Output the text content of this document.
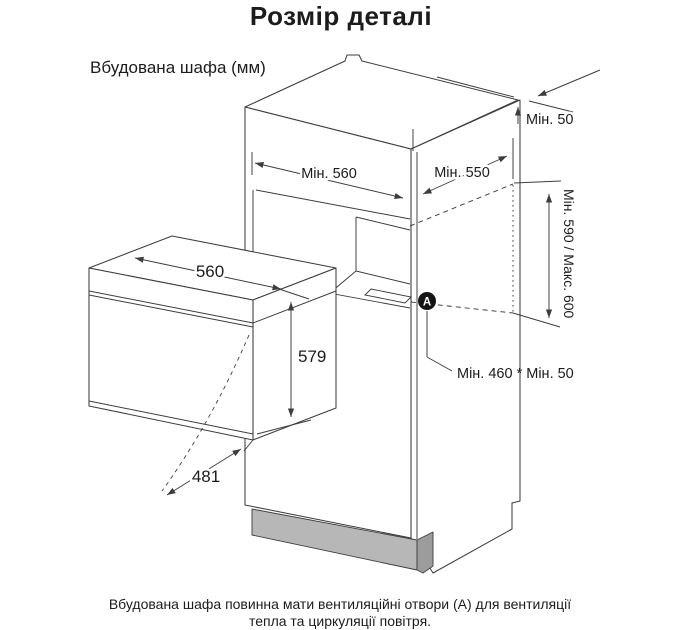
Розмір деталі
Вбудована шафа (мм)
Мін. 50
Мін. 560	Мін. 550
Мін. 590 / Макс. 600
560
579
481
A
Мін. 460 * Мін. 50
Вбудована шафа повинна мати вентиляційні отвори (А) для вентиляції
тепла та циркуляції повітря.
